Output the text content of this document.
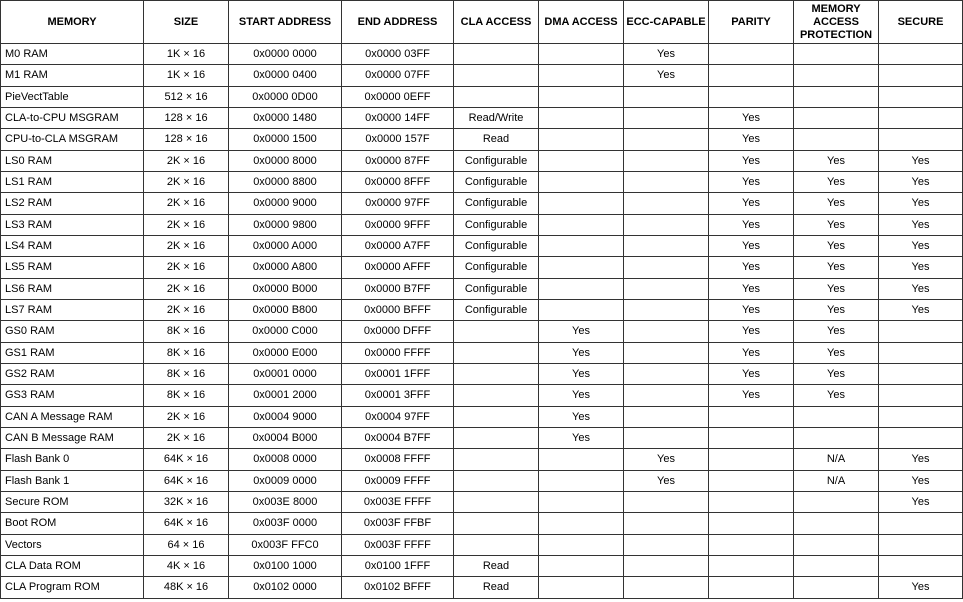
MEMORY	SIZE	START ADDRESS	END ADDRESS	CLA ACCESS	DMA ACCESS	ECC-CAPABLE	PARITY	MEMORY ACCESS PROTECTION	SECURE
M0 RAM	1K × 16	0x0000 0000	0x0000 03FF			Yes			
M1 RAM	1K × 16	0x0000 0400	0x0000 07FF			Yes			
PieVectTable	512 × 16	0x0000 0D00	0x0000 0EFF						
CLA-to-CPU MSGRAM	128 × 16	0x0000 1480	0x0000 14FF	Read/Write			Yes		
CPU-to-CLA MSGRAM	128 × 16	0x0000 1500	0x0000 157F	Read			Yes		
LS0 RAM	2K × 16	0x0000 8000	0x0000 87FF	Configurable			Yes	Yes	Yes
LS1 RAM	2K × 16	0x0000 8800	0x0000 8FFF	Configurable			Yes	Yes	Yes
LS2 RAM	2K × 16	0x0000 9000	0x0000 97FF	Configurable			Yes	Yes	Yes
LS3 RAM	2K × 16	0x0000 9800	0x0000 9FFF	Configurable			Yes	Yes	Yes
LS4 RAM	2K × 16	0x0000 A000	0x0000 A7FF	Configurable			Yes	Yes	Yes
LS5 RAM	2K × 16	0x0000 A800	0x0000 AFFF	Configurable			Yes	Yes	Yes
LS6 RAM	2K × 16	0x0000 B000	0x0000 B7FF	Configurable			Yes	Yes	Yes
LS7 RAM	2K × 16	0x0000 B800	0x0000 BFFF	Configurable			Yes	Yes	Yes
GS0 RAM	8K × 16	0x0000 C000	0x0000 DFFF		Yes		Yes	Yes	
GS1 RAM	8K × 16	0x0000 E000	0x0000 FFFF		Yes		Yes	Yes	
GS2 RAM	8K × 16	0x0001 0000	0x0001 1FFF		Yes		Yes	Yes	
GS3 RAM	8K × 16	0x0001 2000	0x0001 3FFF		Yes		Yes	Yes	
CAN A Message RAM	2K × 16	0x0004 9000	0x0004 97FF		Yes				
CAN B Message RAM	2K × 16	0x0004 B000	0x0004 B7FF		Yes				
Flash Bank 0	64K × 16	0x0008 0000	0x0008 FFFF			Yes		N/A	Yes
Flash Bank 1	64K × 16	0x0009 0000	0x0009 FFFF			Yes		N/A	Yes
Secure ROM	32K × 16	0x003E 8000	0x003E FFFF						Yes
Boot ROM	64K × 16	0x003F 0000	0x003F FFBF						
Vectors	64 × 16	0x003F FFC0	0x003F FFFF						
CLA Data ROM	4K × 16	0x0100 1000	0x0100 1FFF	Read					
CLA Program ROM	48K × 16	0x0102 0000	0x0102 BFFF	Read					Yes
